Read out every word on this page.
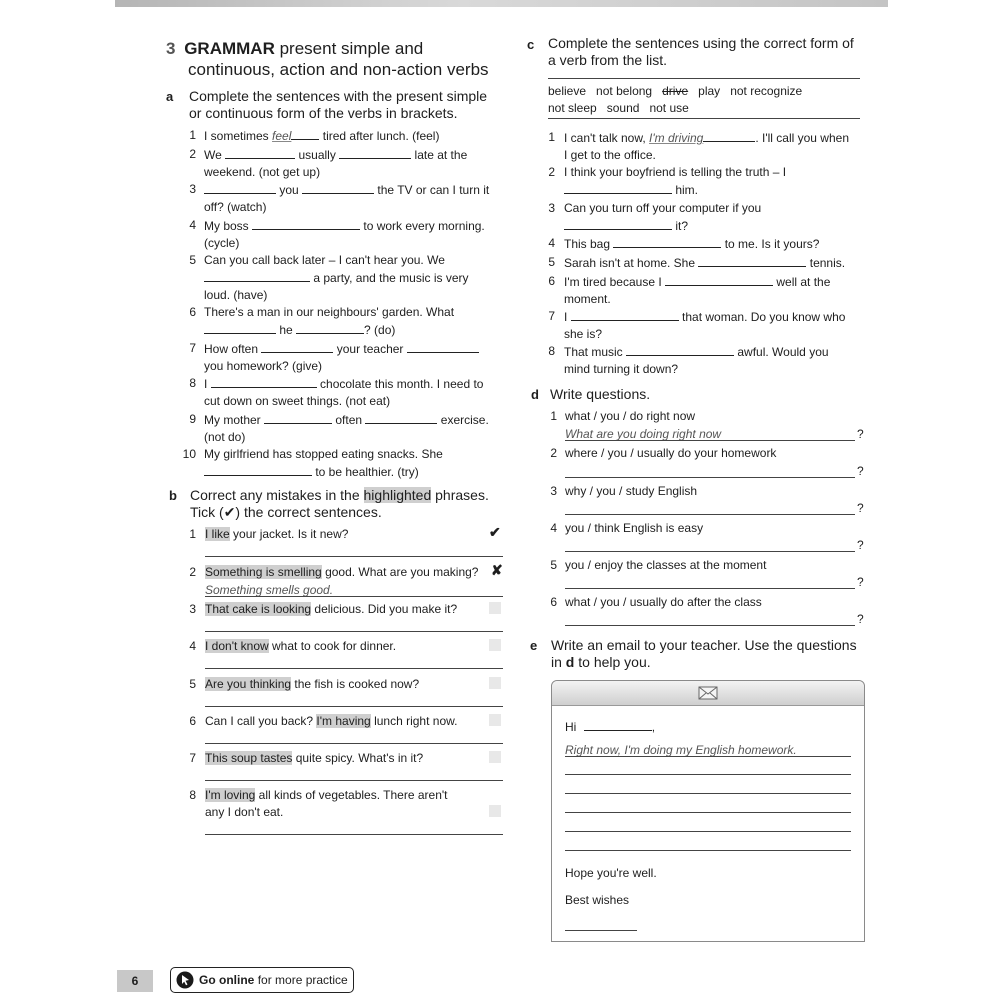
3 GRAMMAR present simple and
continuous, action and non-action verbs
a Complete the sentences with the present simple
or continuous form of the verbs in brackets.
1 I sometimes feel	tired after lunch. (feel)
2 We	usually	late at the
weekend. (not get up)
3	you	the TV or can I turn it
off? (watch)
4 My boss	to work every morning.
(cycle)
5 Can you call back later – I can't hear you. We
a party, and the music is very
loud. (have)
6 There's a man in our neighbours' garden. What
he	? (do)
7 How often	your teacher
you homework? (give)
8 I	chocolate this month. I need to
cut down on sweet things. (not eat)
9 My mother	often	exercise.
(not do)
10 My girlfriend has stopped eating snacks. She
to be healthier. (try)
b Correct any mistakes in the highlighted phrases.
Tick (✔) the correct sentences.
1 I like your jacket. Is it new?	✔
2 Something is smelling good. What are you making? ✘
Something smells good.
3 That cake is looking delicious. Did you make it?
4 I don't know what to cook for dinner.
5 Are you thinking the fish is cooked now?
6 Can I call you back? I'm having lunch right now.
7 This soup tastes quite spicy. What's in it?
8 I'm loving all kinds of vegetables. There aren't
any I don't eat.
c Complete the sentences using the correct form of
a verb from the list.
believe not belong drive play not recognize
not sleep sound not use
1 I can't talk now, I'm driving	. I'll call you when
I get to the office.
2 I think your boyfriend is telling the truth – I
him.
3 Can you turn off your computer if you
it?
4 This bag	to me. Is it yours?
5 Sarah isn't at home. She	tennis.
6 I'm tired because I	well at the
moment.
7 I	that woman. Do you know who
she is?
8 That music	awful. Would you
mind turning it down?
d Write questions.
1 what / you / do right now
What are you doing right now	?
2 where / you / usually do your homework
?
3 why / you / study English
?
4 you / think English is easy
?
5 you / enjoy the classes at the moment
?
6 what / you / usually do after the class
?
e Write an email to your teacher. Use the questions
in d to help you.
Hi	,
Right now, I'm doing my English homework.
Hope you're well.
Best wishes
6	Go online for more practice
